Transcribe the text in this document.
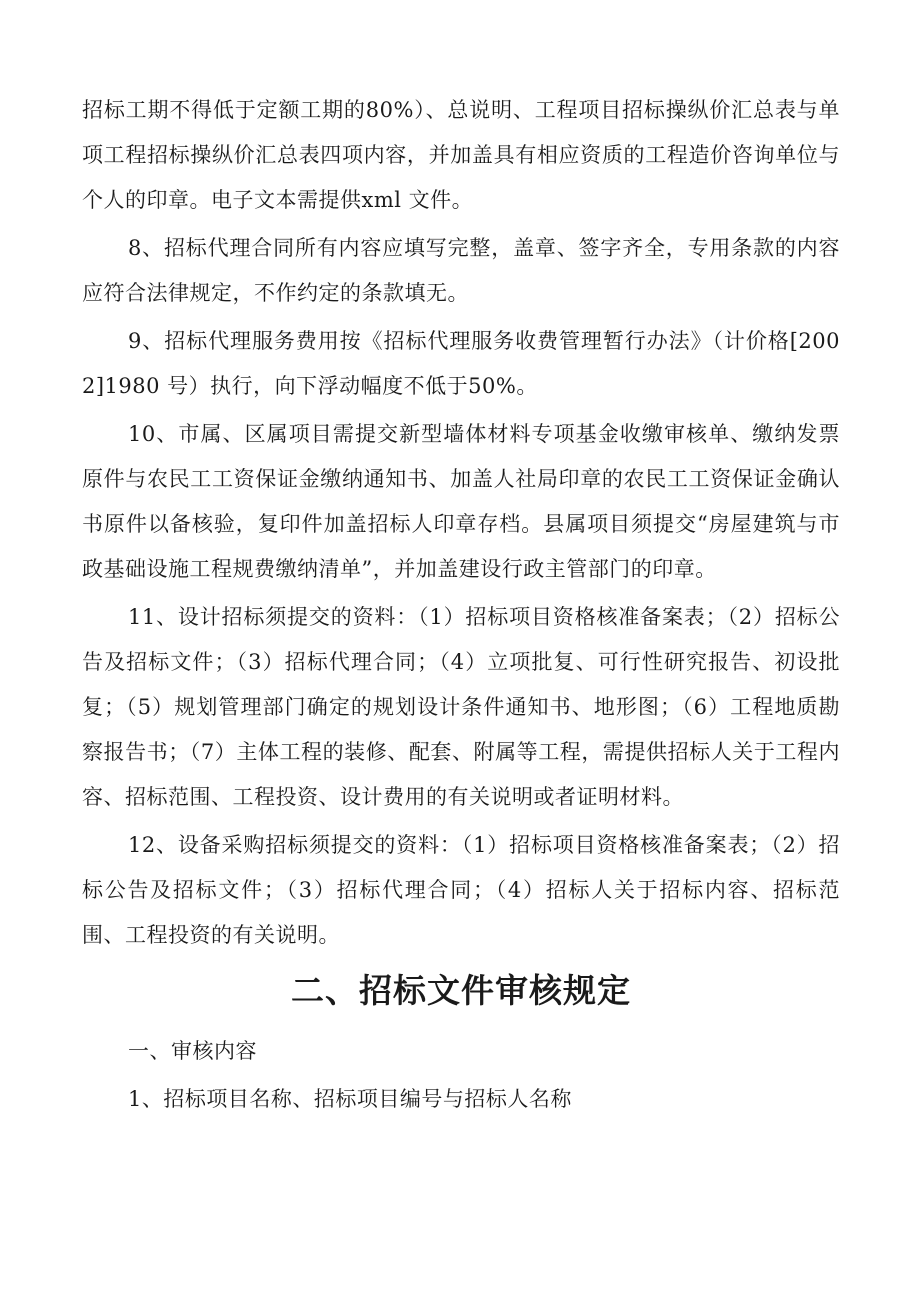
招标工期不得低于定额工期的80%）、总说明、工程项目招标操纵价汇总表与单项工程招标操纵价汇总表四项内容，并加盖具有相应资质的工程造价咨询单位与个人的印章。电子文本需提供xml 文件。

8、招标代理合同所有内容应填写完整，盖章、签字齐全，专用条款的内容应符合法律规定，不作约定的条款填无。

9、招标代理服务费用按《招标代理服务收费管理暂行办法》（计价格[2002]1980 号）执行，向下浮动幅度不低于50%。

10、市属、区属项目需提交新型墙体材料专项基金收缴审核单、缴纳发票原件与农民工工资保证金缴纳通知书、加盖人社局印章的农民工工资保证金确认书原件以备核验，复印件加盖招标人印章存档。县属项目须提交“房屋建筑与市政基础设施工程规费缴纳清单”，并加盖建设行政主管部门的印章。

11、设计招标须提交的资料：（1）招标项目资格核准备案表；（2）招标公告及招标文件；（3）招标代理合同；（4）立项批复、可行性研究报告、初设批复；（5）规划管理部门确定的规划设计条件通知书、地形图；（6）工程地质勘察报告书；（7）主体工程的装修、配套、附属等工程，需提供招标人关于工程内容、招标范围、工程投资、设计费用的有关说明或者证明材料。

12、设备采购招标须提交的资料：（1）招标项目资格核准备案表；（2）招标公告及招标文件；（3）招标代理合同；（4）招标人关于招标内容、招标范围、工程投资的有关说明。

二、招标文件审核规定

一、审核内容

1、招标项目名称、招标项目编号与招标人名称
